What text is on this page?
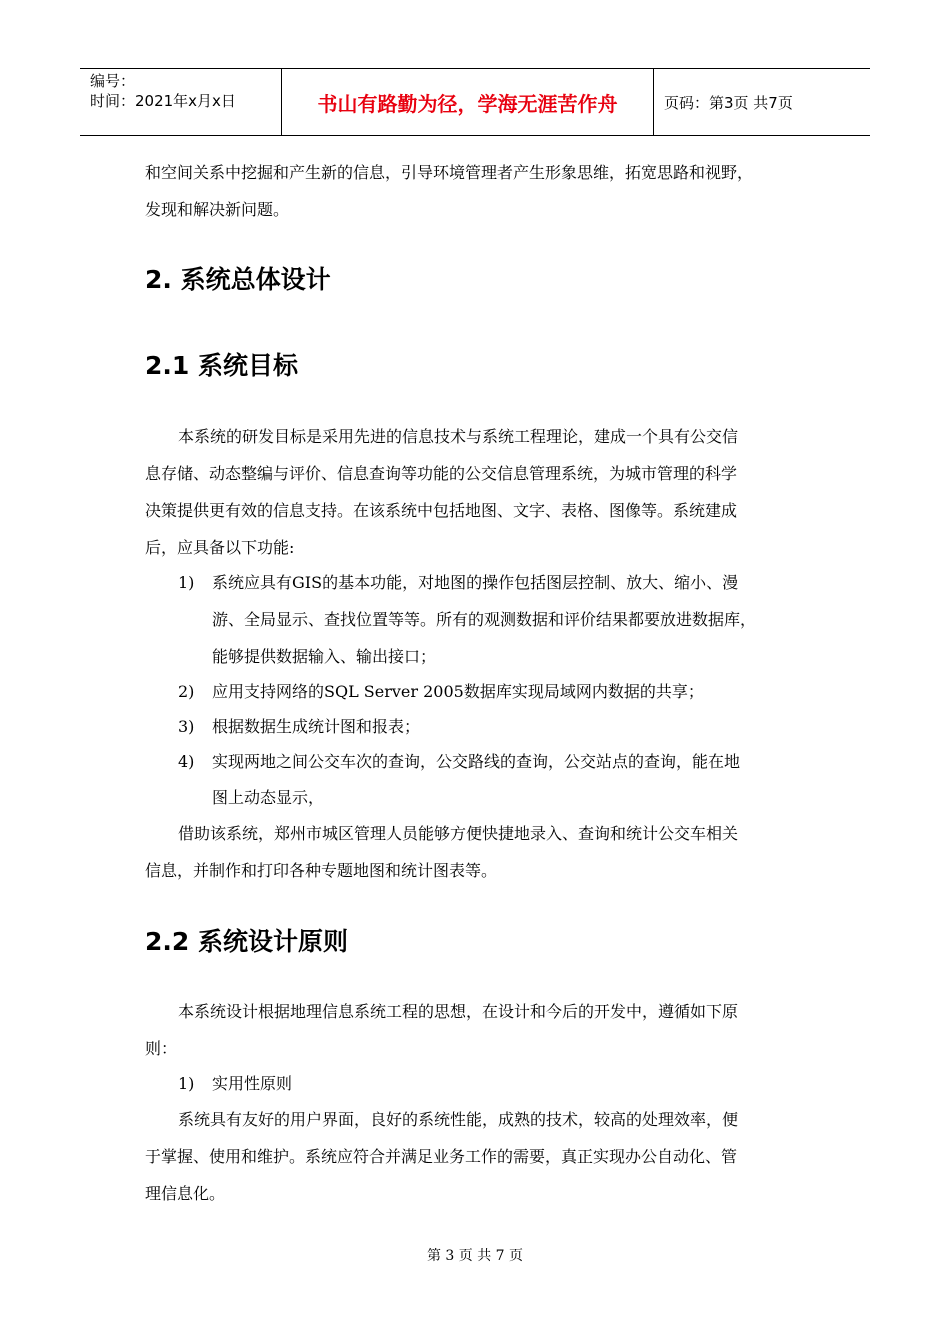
编号：
时间：2021年x月x日	书山有路勤为径，学海无涯苦作舟	页码：第3页 共7页
和空间关系中挖掘和产生新的信息，引导环境管理者产生形象思维，拓宽思路和视野，
发现和解决新问题。
2. 系统总体设计
2.1 系统目标
本系统的研发目标是采用先进的信息技术与系统工程理论，建成一个具有公交信
息存储、动态整编与评价、信息查询等功能的公交信息管理系统，为城市管理的科学
决策提供更有效的信息支持。在该系统中包括地图、文字、表格、图像等。系统建成
后，应具备以下功能:
1) 系统应具有GIS的基本功能，对地图的操作包括图层控制、放大、缩小、漫
游、全局显示、查找位置等等。所有的观测数据和评价结果都要放进数据库，
能够提供数据输入、输出接口；
2) 应用支持网络的SQL Server 2005数据库实现局域网内数据的共享；
3) 根据数据生成统计图和报表；
4) 实现两地之间公交车次的查询，公交路线的查询，公交站点的查询，能在地
图上动态显示，
借助该系统，郑州市城区管理人员能够方便快捷地录入、查询和统计公交车相关
信息，并制作和打印各种专题地图和统计图表等。
2.2 系统设计原则
本系统设计根据地理信息系统工程的思想，在设计和今后的开发中，遵循如下原
则：
1) 实用性原则
系统具有友好的用户界面，良好的系统性能，成熟的技术，较高的处理效率，便
于掌握、使用和维护。系统应符合并满足业务工作的需要，真正实现办公自动化、管
理信息化。
第 3 页 共 7 页
